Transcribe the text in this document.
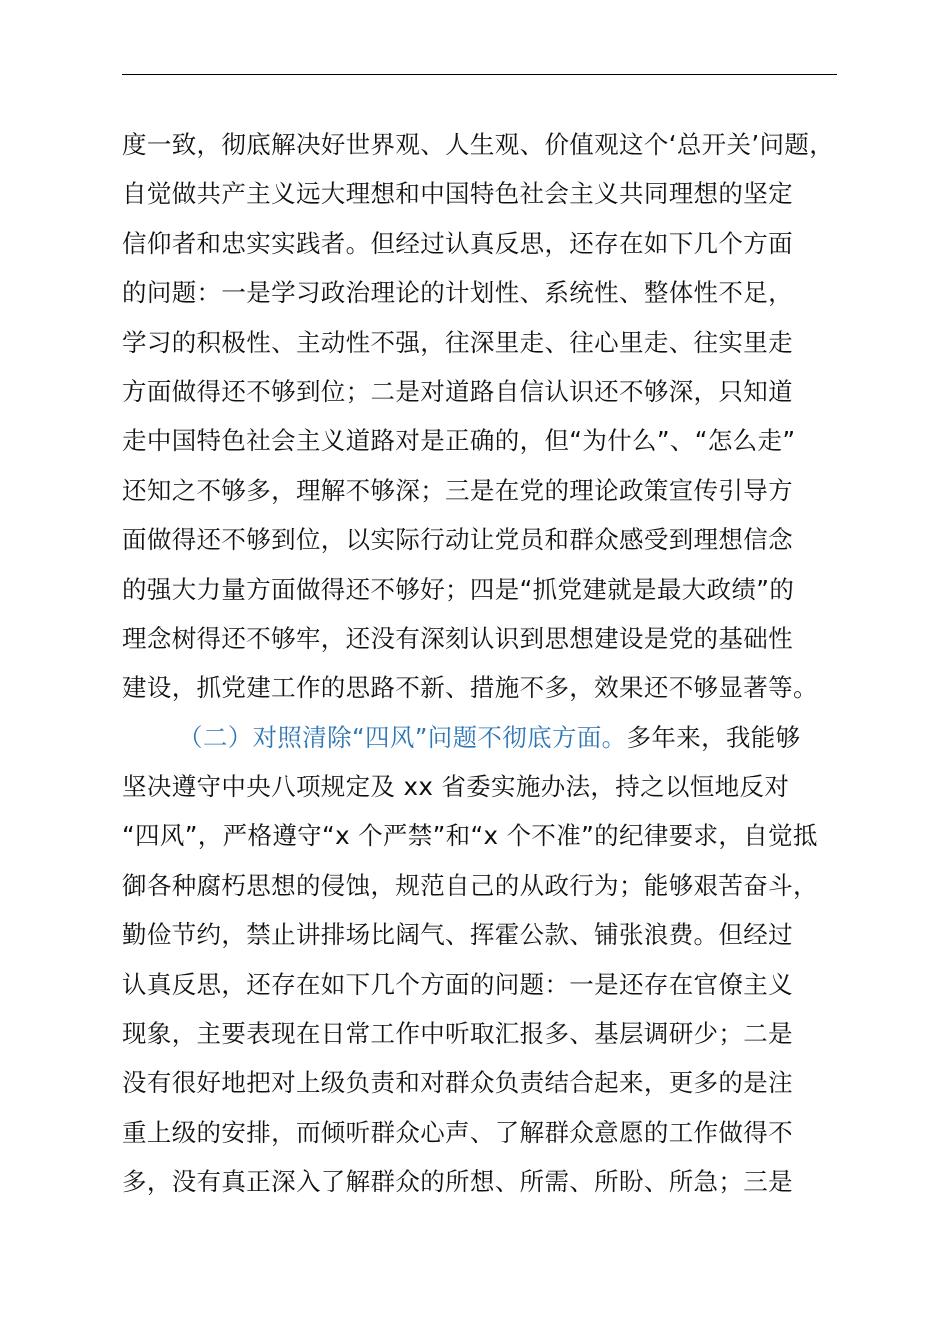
度一致，彻底解决好世界观、人生观、价值观这个‘总开关’问题，
自觉做共产主义远大理想和中国特色社会主义共同理想的坚定
信仰者和忠实实践者。但经过认真反思，还存在如下几个方面
的问题：一是学习政治理论的计划性、系统性、整体性不足，
学习的积极性、主动性不强，往深里走、往心里走、往实里走
方面做得还不够到位；二是对道路自信认识还不够深，只知道
走中国特色社会主义道路对是正确的，但“为什么”、“怎么走”
还知之不够多，理解不够深；三是在党的理论政策宣传引导方
面做得还不够到位，以实际行动让党员和群众感受到理想信念
的强大力量方面做得还不够好；四是“抓党建就是最大政绩”的
理念树得还不够牢，还没有深刻认识到思想建设是党的基础性
建设，抓党建工作的思路不新、措施不多，效果还不够显著等。
（二）对照清除“四风”问题不彻底方面。多年来，我能够
坚决遵守中央八项规定及 xx 省委实施办法，持之以恒地反对
“四风”，严格遵守“x 个严禁”和“x 个不准”的纪律要求，自觉抵
御各种腐朽思想的侵蚀，规范自己的从政行为；能够艰苦奋斗，
勤俭节约，禁止讲排场比阔气、挥霍公款、铺张浪费。但经过
认真反思，还存在如下几个方面的问题：一是还存在官僚主义
现象，主要表现在日常工作中听取汇报多、基层调研少；二是
没有很好地把对上级负责和对群众负责结合起来，更多的是注
重上级的安排，而倾听群众心声、了解群众意愿的工作做得不
多，没有真正深入了解群众的所想、所需、所盼、所急；三是
